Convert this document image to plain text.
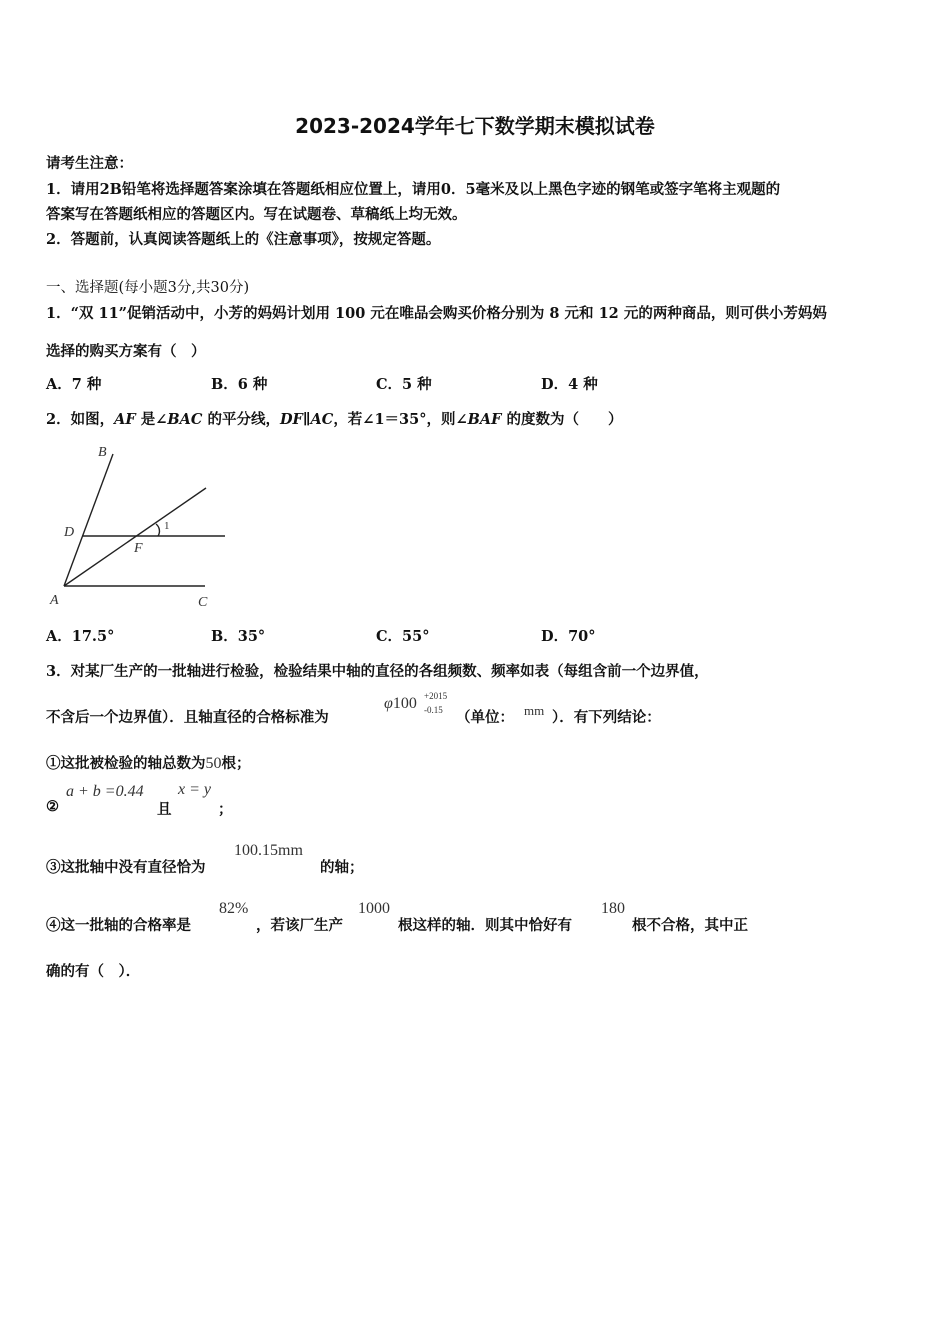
2023-2024学年七下数学期末模拟试卷
请考生注意：
1．请用2B铅笔将选择题答案涂填在答题纸相应位置上，请用0．5毫米及以上黑色字迹的钢笔或签字笔将主观题的
答案写在答题纸相应的答题区内。写在试题卷、草稿纸上均无效。
2．答题前，认真阅读答题纸上的《注意事项》，按规定答题。
一、选择题(每小题3分,共30分)
1．“双 11”促销活动中，小芳的妈妈计划用 100 元在唯品会购买价格分别为 8 元和 12 元的两种商品，则可供小芳妈妈
选择的购买方案有（　）
A．7 种	B．6 种	C．5 种	D．4 种
2．如图，AF 是∠BAC 的平分线，DF∥AC，若∠1＝35°，则∠BAF 的度数为（　　）
B
D
F
A	C
1
A．17.5°	B．35°	C．55°	D．70°
3．对某厂生产的一批轴进行检验，检验结果中轴的直径的各组频数、频率如表（每组含前一个边界值，
不含后一个边界值）．且轴直径的合格标准为
φ100 +2015
-0.15 （单位： mm ）．有下列结论：
①这批被检验的轴总数为50根；
②
a + b =0.44
且
x = y
；
③这批轴中没有直径恰为
100.15mm
的轴；
④这一批轴的合格率是
82%
，若该厂生产
1000
根这样的轴．则其中恰好有
180
根不合格，其中正
确的有（　）．
